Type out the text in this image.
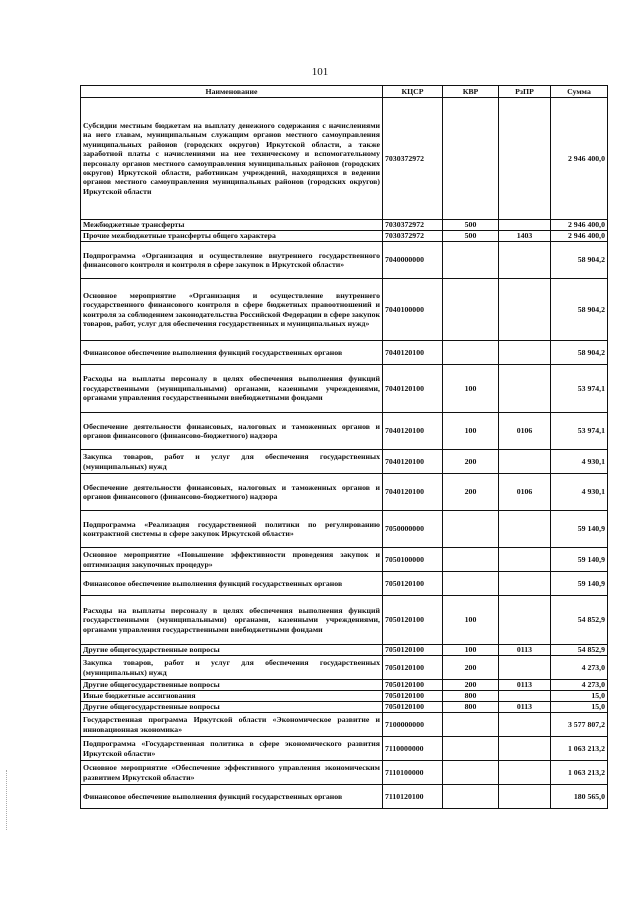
101
Наименование	КЦСР	КВР	РзПР	Сумма
Субсидии местным бюджетам на выплату денежного содержания с начислениями на него главам, муниципальным служащим органов местного самоуправления муниципальных районов (городских округов) Иркутской области, а также заработной платы с начислениями на нее техническому и вспомогательному персоналу органов местного самоуправления муниципальных районов (городских округов) Иркутской области, работникам учреждений, находящихся в ведении органов местного самоуправления муниципальных районов (городских округов) Иркутской области	7030372972			2 946 400,0
Межбюджетные трансферты	7030372972	500		2 946 400,0
Прочие межбюджетные трансферты общего характера	7030372972	500	1403	2 946 400,0
Подпрограмма «Организация и осуществление внутреннего государственного финансового контроля и контроля в сфере закупок в Иркутской области»	7040000000			58 904,2
Основное мероприятие «Организация и осуществление внутреннего государственного финансового контроля в сфере бюджетных правоотношений и контроля за соблюдением законодательства Российской Федерации в сфере закупок товаров, работ, услуг для обеспечения государственных и муниципальных нужд»	7040100000			58 904,2
Финансовое обеспечение выполнения функций государственных органов	7040120100			58 904,2
Расходы на выплаты персоналу в целях обеспечения выполнения функций государственными (муниципальными) органами, казенными учреждениями, органами управления государственными внебюджетными фондами	7040120100	100		53 974,1
Обеспечение деятельности финансовых, налоговых и таможенных органов и органов финансового (финансово-бюджетного) надзора	7040120100	100	0106	53 974,1
Закупка товаров, работ и услуг для обеспечения государственных (муниципальных) нужд	7040120100	200		4 930,1
Обеспечение деятельности финансовых, налоговых и таможенных органов и органов финансового (финансово-бюджетного) надзора	7040120100	200	0106	4 930,1
Подпрограмма «Реализация государственной политики по регулированию контрактной системы в сфере закупок Иркутской области»	7050000000			59 140,9
Основное мероприятие «Повышение эффективности проведения закупок и оптимизация закупочных процедур»	7050100000			59 140,9
Финансовое обеспечение выполнения функций государственных органов	7050120100			59 140,9
Расходы на выплаты персоналу в целях обеспечения выполнения функций государственными (муниципальными) органами, казенными учреждениями, органами управления государственными внебюджетными фондами	7050120100	100		54 852,9
Другие общегосударственные вопросы	7050120100	100	0113	54 852,9
Закупка товаров, работ и услуг для обеспечения государственных (муниципальных) нужд	7050120100	200		4 273,0
Другие общегосударственные вопросы	7050120100	200	0113	4 273,0
Иные бюджетные ассигнования	7050120100	800		15,0
Другие общегосударственные вопросы	7050120100	800	0113	15,0
Государственная программа Иркутской области «Экономическое развитие и инновационная экономика»	7100000000			3 577 807,2
Подпрограмма «Государственная политика в сфере экономического развития Иркутской области»	7110000000			1 063 213,2
Основное мероприятие «Обеспечение эффективного управления экономическим развитием Иркутской области»	7110100000			1 063 213,2
Финансовое обеспечение выполнения функций государственных органов	7110120100			180 565,0
